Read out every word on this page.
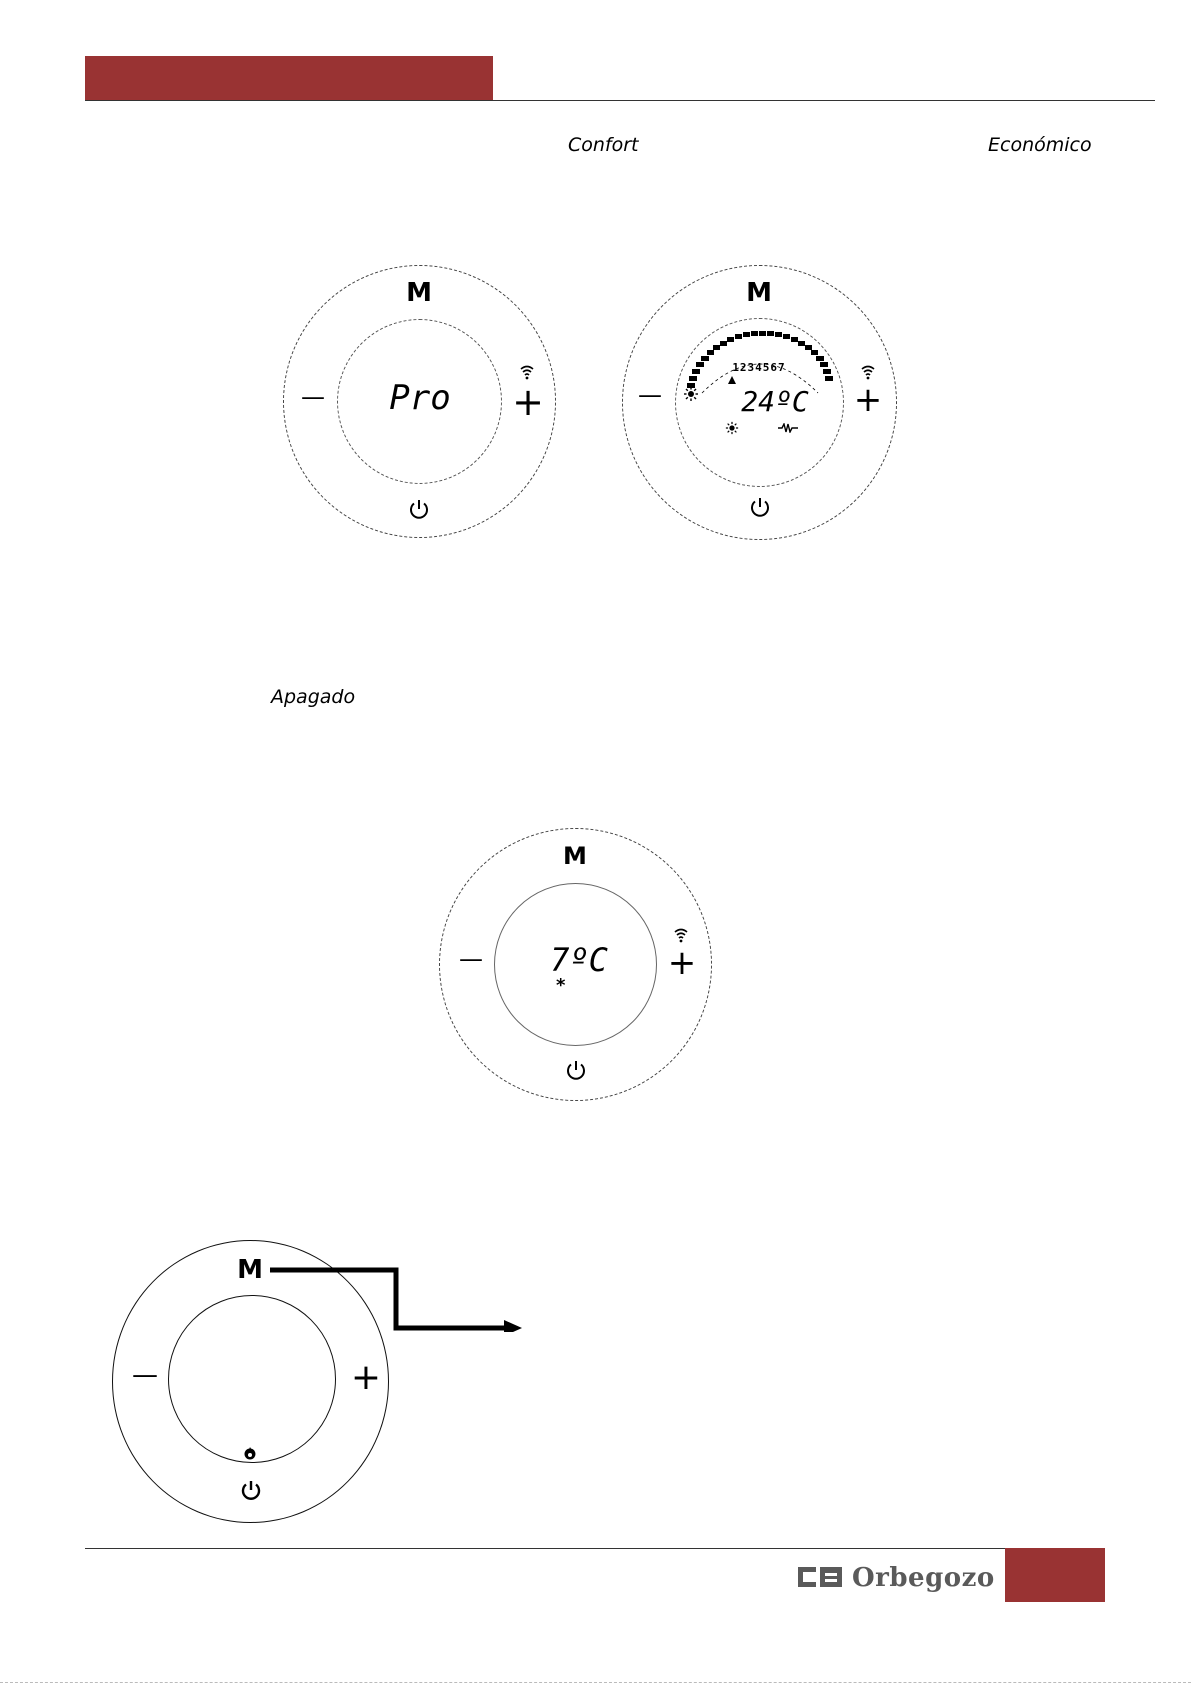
Confort	Económico
M
—	+
Pro
M
—	+
1234567
24ºC
Apagado
M
—	+
7ºC
*
M
—	+
Orbegozo
